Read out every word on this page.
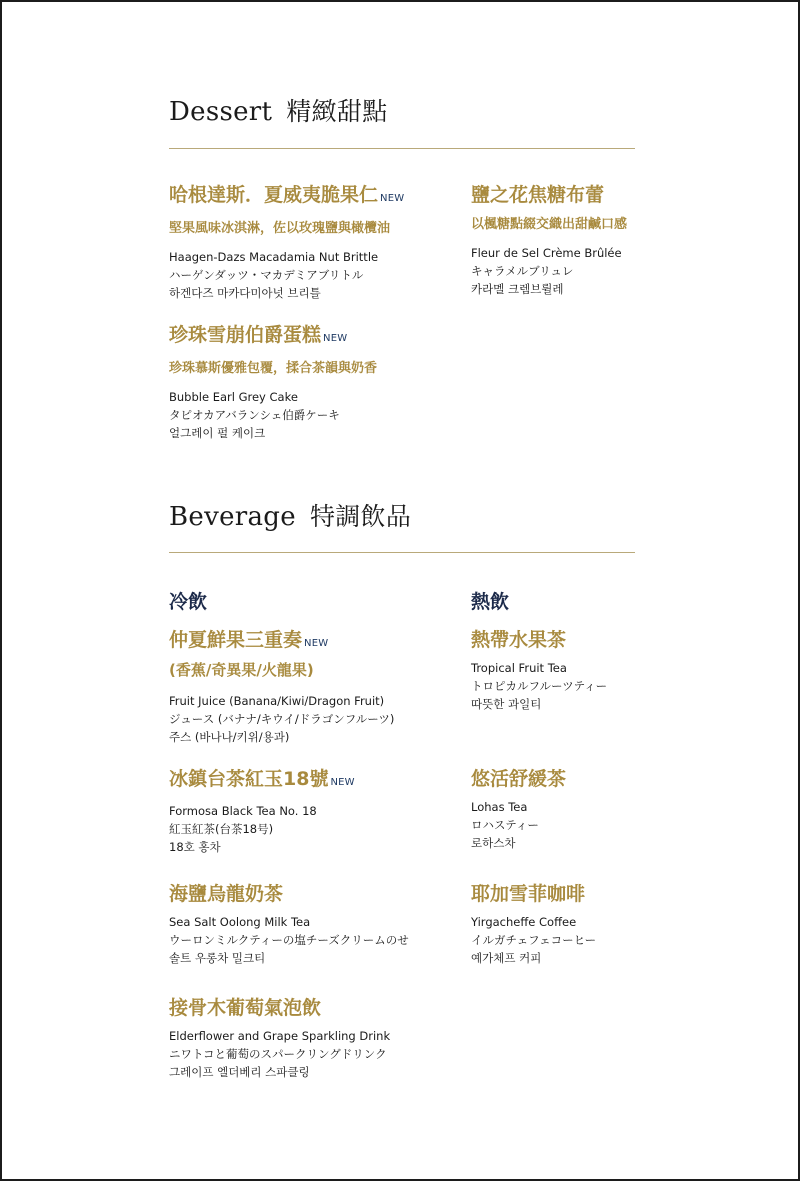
Dessert 精緻甜點
哈根達斯．夏威夷脆果仁 NEW
堅果風味冰淇淋，佐以玫瑰鹽與橄欖油
Haagen-Dazs Macadamia Nut Brittle
ハーゲンダッツ・マカデミアブリトル
하겐다즈 마카다미아넛 브리틀
鹽之花焦糖布蕾
以楓糖點綴交織出甜鹹口感
Fleur de Sel Crème Brûlée
キャラメルブリュレ
카라멜 크렘브륄레
珍珠雪崩伯爵蛋糕 NEW
珍珠慕斯優雅包覆，揉合茶韻與奶香
Bubble Earl Grey Cake
タピオカアバランシェ伯爵ケーキ
얼그레이 펄 케이크
Beverage 特調飲品
冷飲	熱飲
仲夏鮮果三重奏 NEW
(香蕉/奇異果/火龍果)
Fruit Juice (Banana/Kiwi/Dragon Fruit)
ジュース (バナナ/キウイ/ドラゴンフルーツ)
주스 (바나나/키위/용과)
冰鎮台茶紅玉18號 NEW
Formosa Black Tea No. 18
紅玉紅茶(台茶18号)
18호 홍차
海鹽烏龍奶茶
Sea Salt Oolong Milk Tea
ウーロンミルクティーの塩チーズクリームのせ
솔트 우롱차 밀크티
接骨木葡萄氣泡飲
Elderflower and Grape Sparkling Drink
ニワトコと葡萄のスパークリングドリンク
그레이프 엘더베리 스파클링
熱帶水果茶
Tropical Fruit Tea
トロピカルフルーツティー
따뜻한 과일티
悠活舒緩茶
Lohas Tea
ロハスティー
로하스차
耶加雪菲咖啡
Yirgacheffe Coffee
イルガチェフェコーヒー
예가체프 커피
